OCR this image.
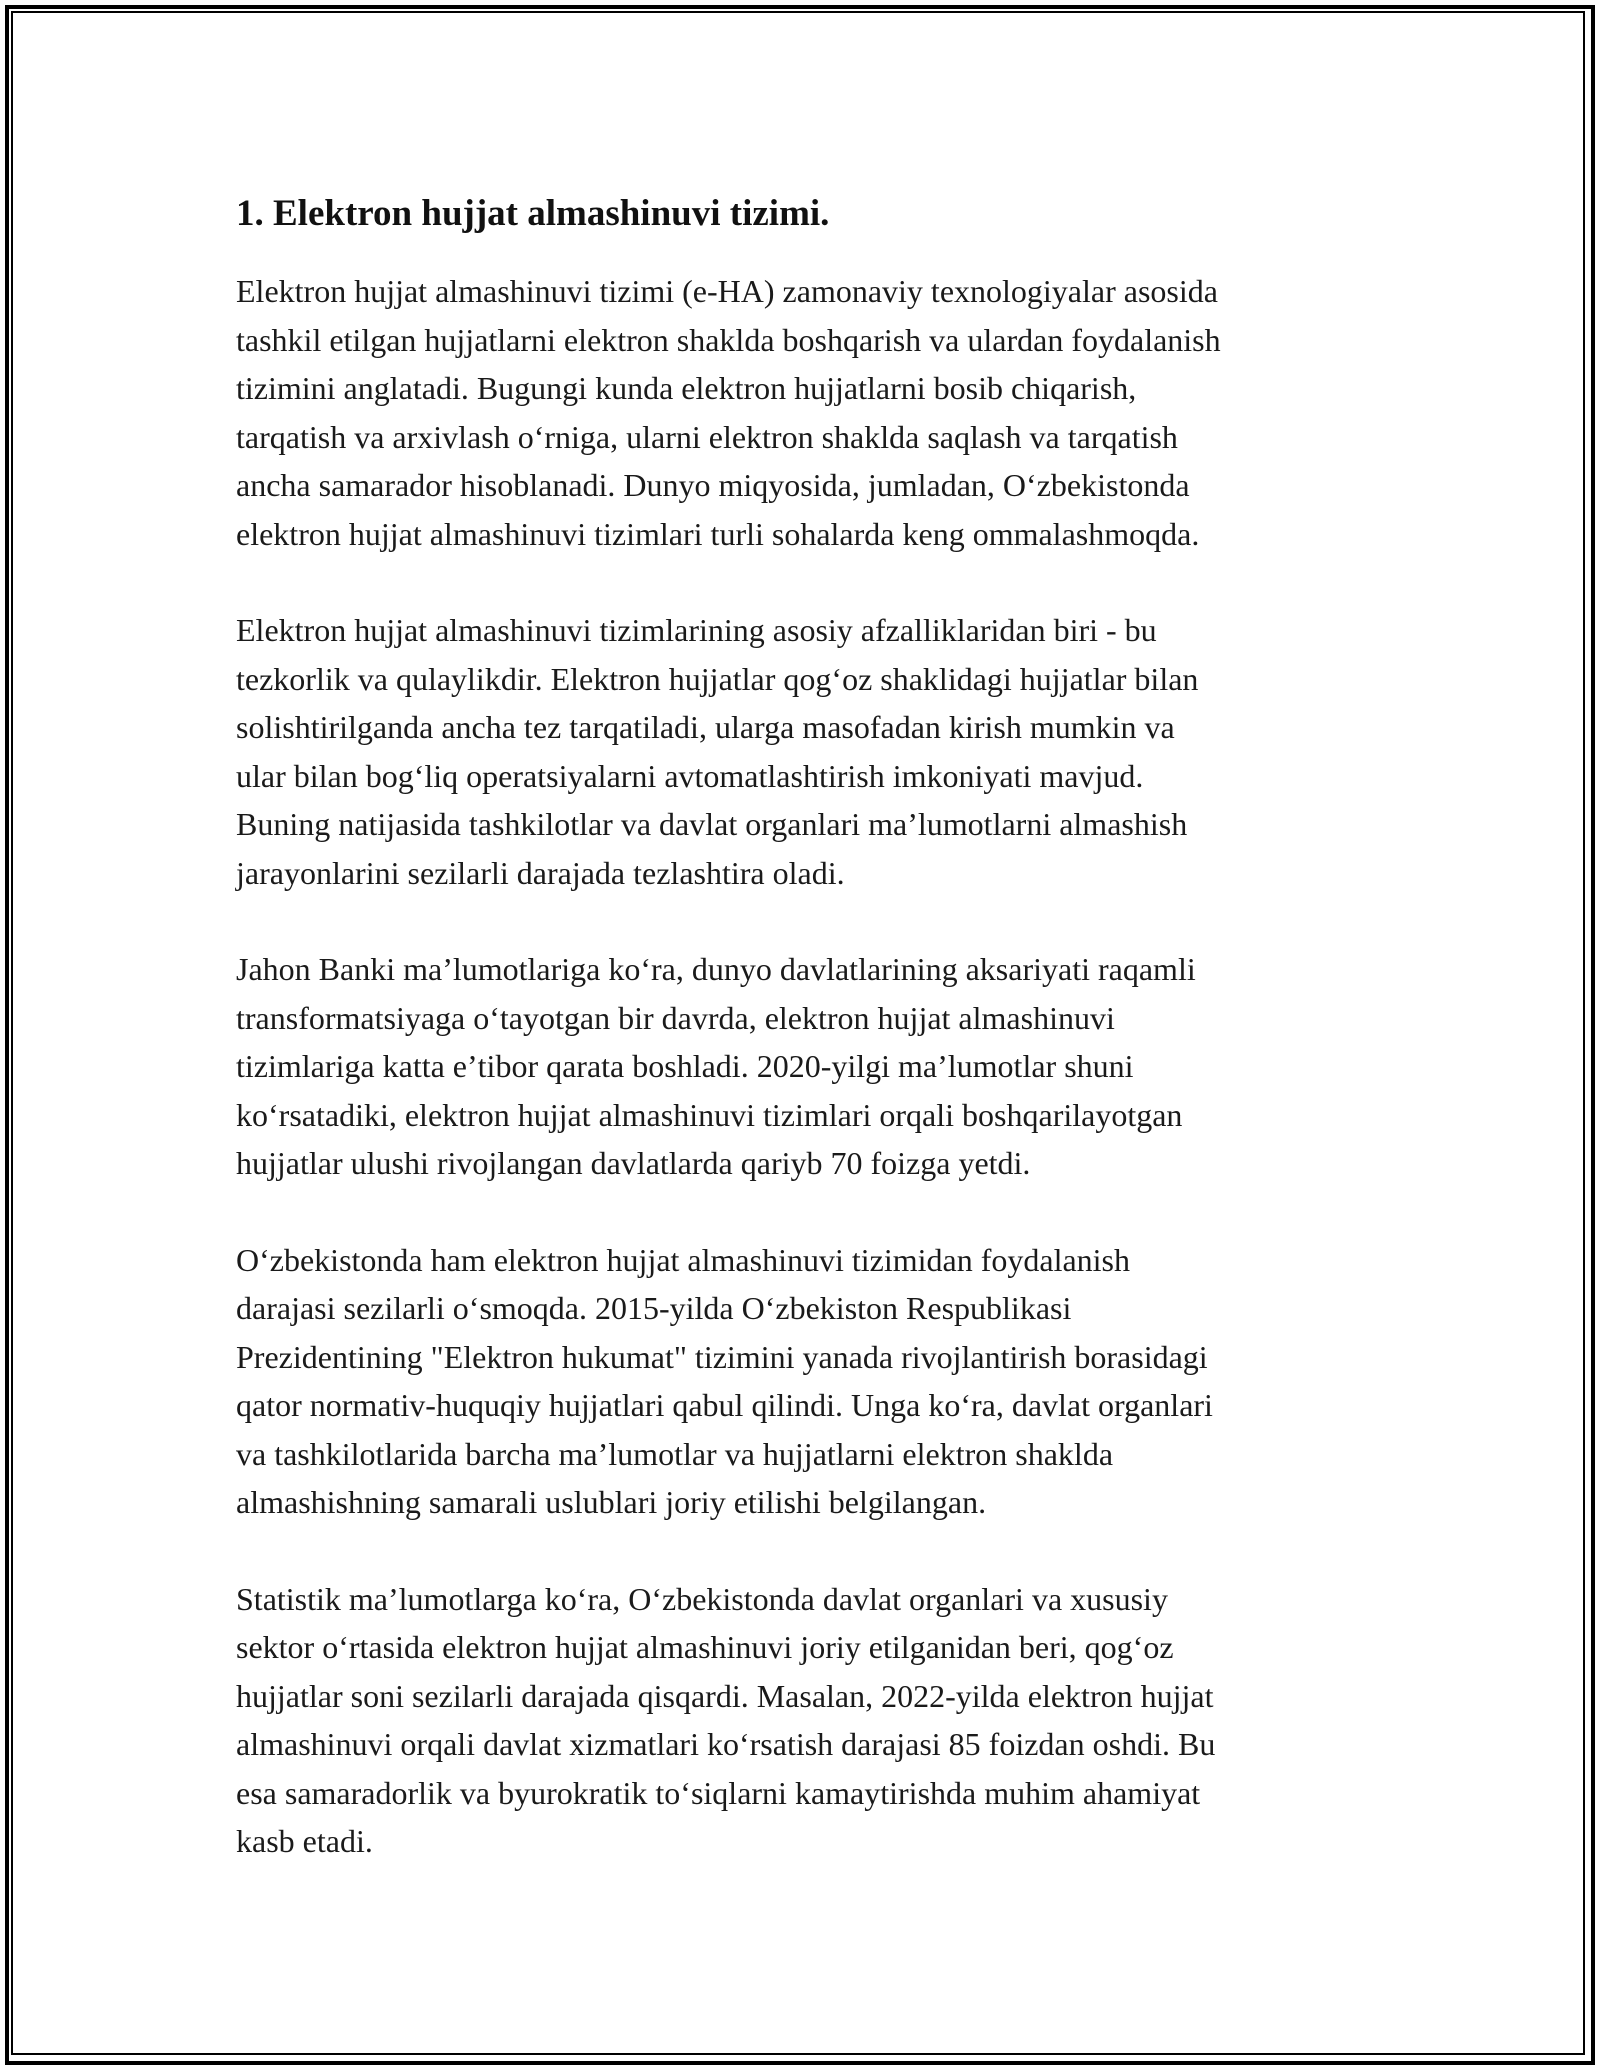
1. Elektron hujjat almashinuvi tizimi.

Elektron hujjat almashinuvi tizimi (e-HA) zamonaviy texnologiyalar asosida
tashkil etilgan hujjatlarni elektron shaklda boshqarish va ulardan foydalanish
tizimini anglatadi. Bugungi kunda elektron hujjatlarni bosib chiqarish,
tarqatish va arxivlash oʻrniga, ularni elektron shaklda saqlash va tarqatish
ancha samarador hisoblanadi. Dunyo miqyosida, jumladan, Oʻzbekistonda
elektron hujjat almashinuvi tizimlari turli sohalarda keng ommalashmoqda.

Elektron hujjat almashinuvi tizimlarining asosiy afzalliklaridan biri - bu
tezkorlik va qulaylikdir. Elektron hujjatlar qogʻoz shaklidagi hujjatlar bilan
solishtirilganda ancha tez tarqatiladi, ularga masofadan kirish mumkin va
ular bilan bogʻliq operatsiyalarni avtomatlashtirish imkoniyati mavjud.
Buning natijasida tashkilotlar va davlat organlari maʼlumotlarni almashish
jarayonlarini sezilarli darajada tezlashtira oladi.

Jahon Banki maʼlumotlariga koʻra, dunyo davlatlarining aksariyati raqamli
transformatsiyaga oʻtayotgan bir davrda, elektron hujjat almashinuvi
tizimlariga katta eʼtibor qarata boshladi. 2020-yilgi maʼlumotlar shuni
koʻrsatadiki, elektron hujjat almashinuvi tizimlari orqali boshqarilayotgan
hujjatlar ulushi rivojlangan davlatlarda qariyb 70 foizga yetdi.

Oʻzbekistonda ham elektron hujjat almashinuvi tizimidan foydalanish
darajasi sezilarli oʻsmoqda. 2015-yilda Oʻzbekiston Respublikasi
Prezidentining "Elektron hukumat" tizimini yanada rivojlantirish borasidagi
qator normativ-huquqiy hujjatlari qabul qilindi. Unga koʻra, davlat organlari
va tashkilotlarida barcha maʼlumotlar va hujjatlarni elektron shaklda
almashishning samarali uslublari joriy etilishi belgilangan.

Statistik maʼlumotlarga koʻra, Oʻzbekistonda davlat organlari va xususiy
sektor oʻrtasida elektron hujjat almashinuvi joriy etilganidan beri, qogʻoz
hujjatlar soni sezilarli darajada qisqardi. Masalan, 2022-yilda elektron hujjat
almashinuvi orqali davlat xizmatlari koʻrsatish darajasi 85 foizdan oshdi. Bu
esa samaradorlik va byurokratik toʻsiqlarni kamaytirishda muhim ahamiyat
kasb etadi.
